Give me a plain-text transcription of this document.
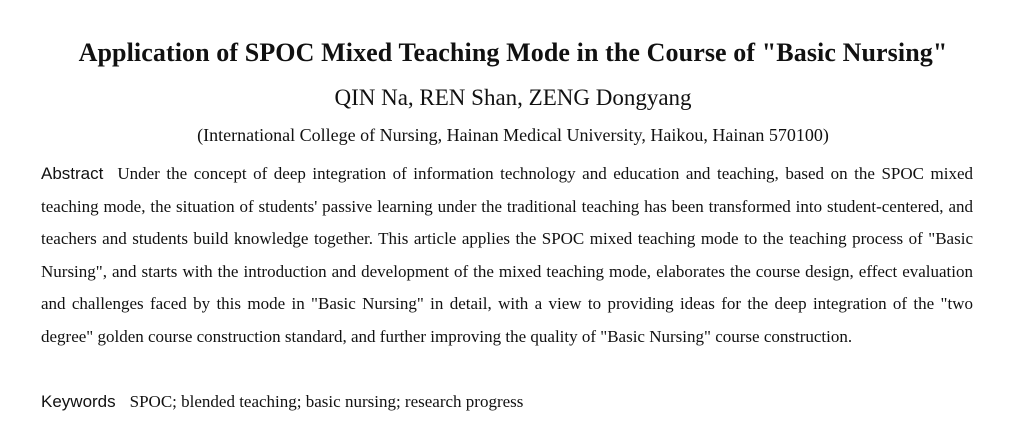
Application of SPOC Mixed Teaching Mode in the Course of "Basic Nursing"
QIN Na, REN Shan, ZENG Dongyang
(International College of Nursing, Hainan Medical University, Haikou, Hainan 570100)
Abstract Under the concept of deep integration of information technology and education and teaching, based on the SPOC mixed teaching mode, the situation of students' passive learning under the traditional teaching has been transformed into student-centered, and teachers and students build knowledge together. This article applies the SPOC mixed teaching mode to the teaching process of "Basic Nursing", and starts with the introduction and development of the mixed teaching mode, elaborates the course design, effect evaluation and challenges faced by this mode in "Basic Nursing" in detail, with a view to providing ideas for the deep integration of the "two degree" golden course construction standard, and further improving the quality of "Basic Nursing" course construction.
Keywords SPOC; blended teaching; basic nursing; research progress
